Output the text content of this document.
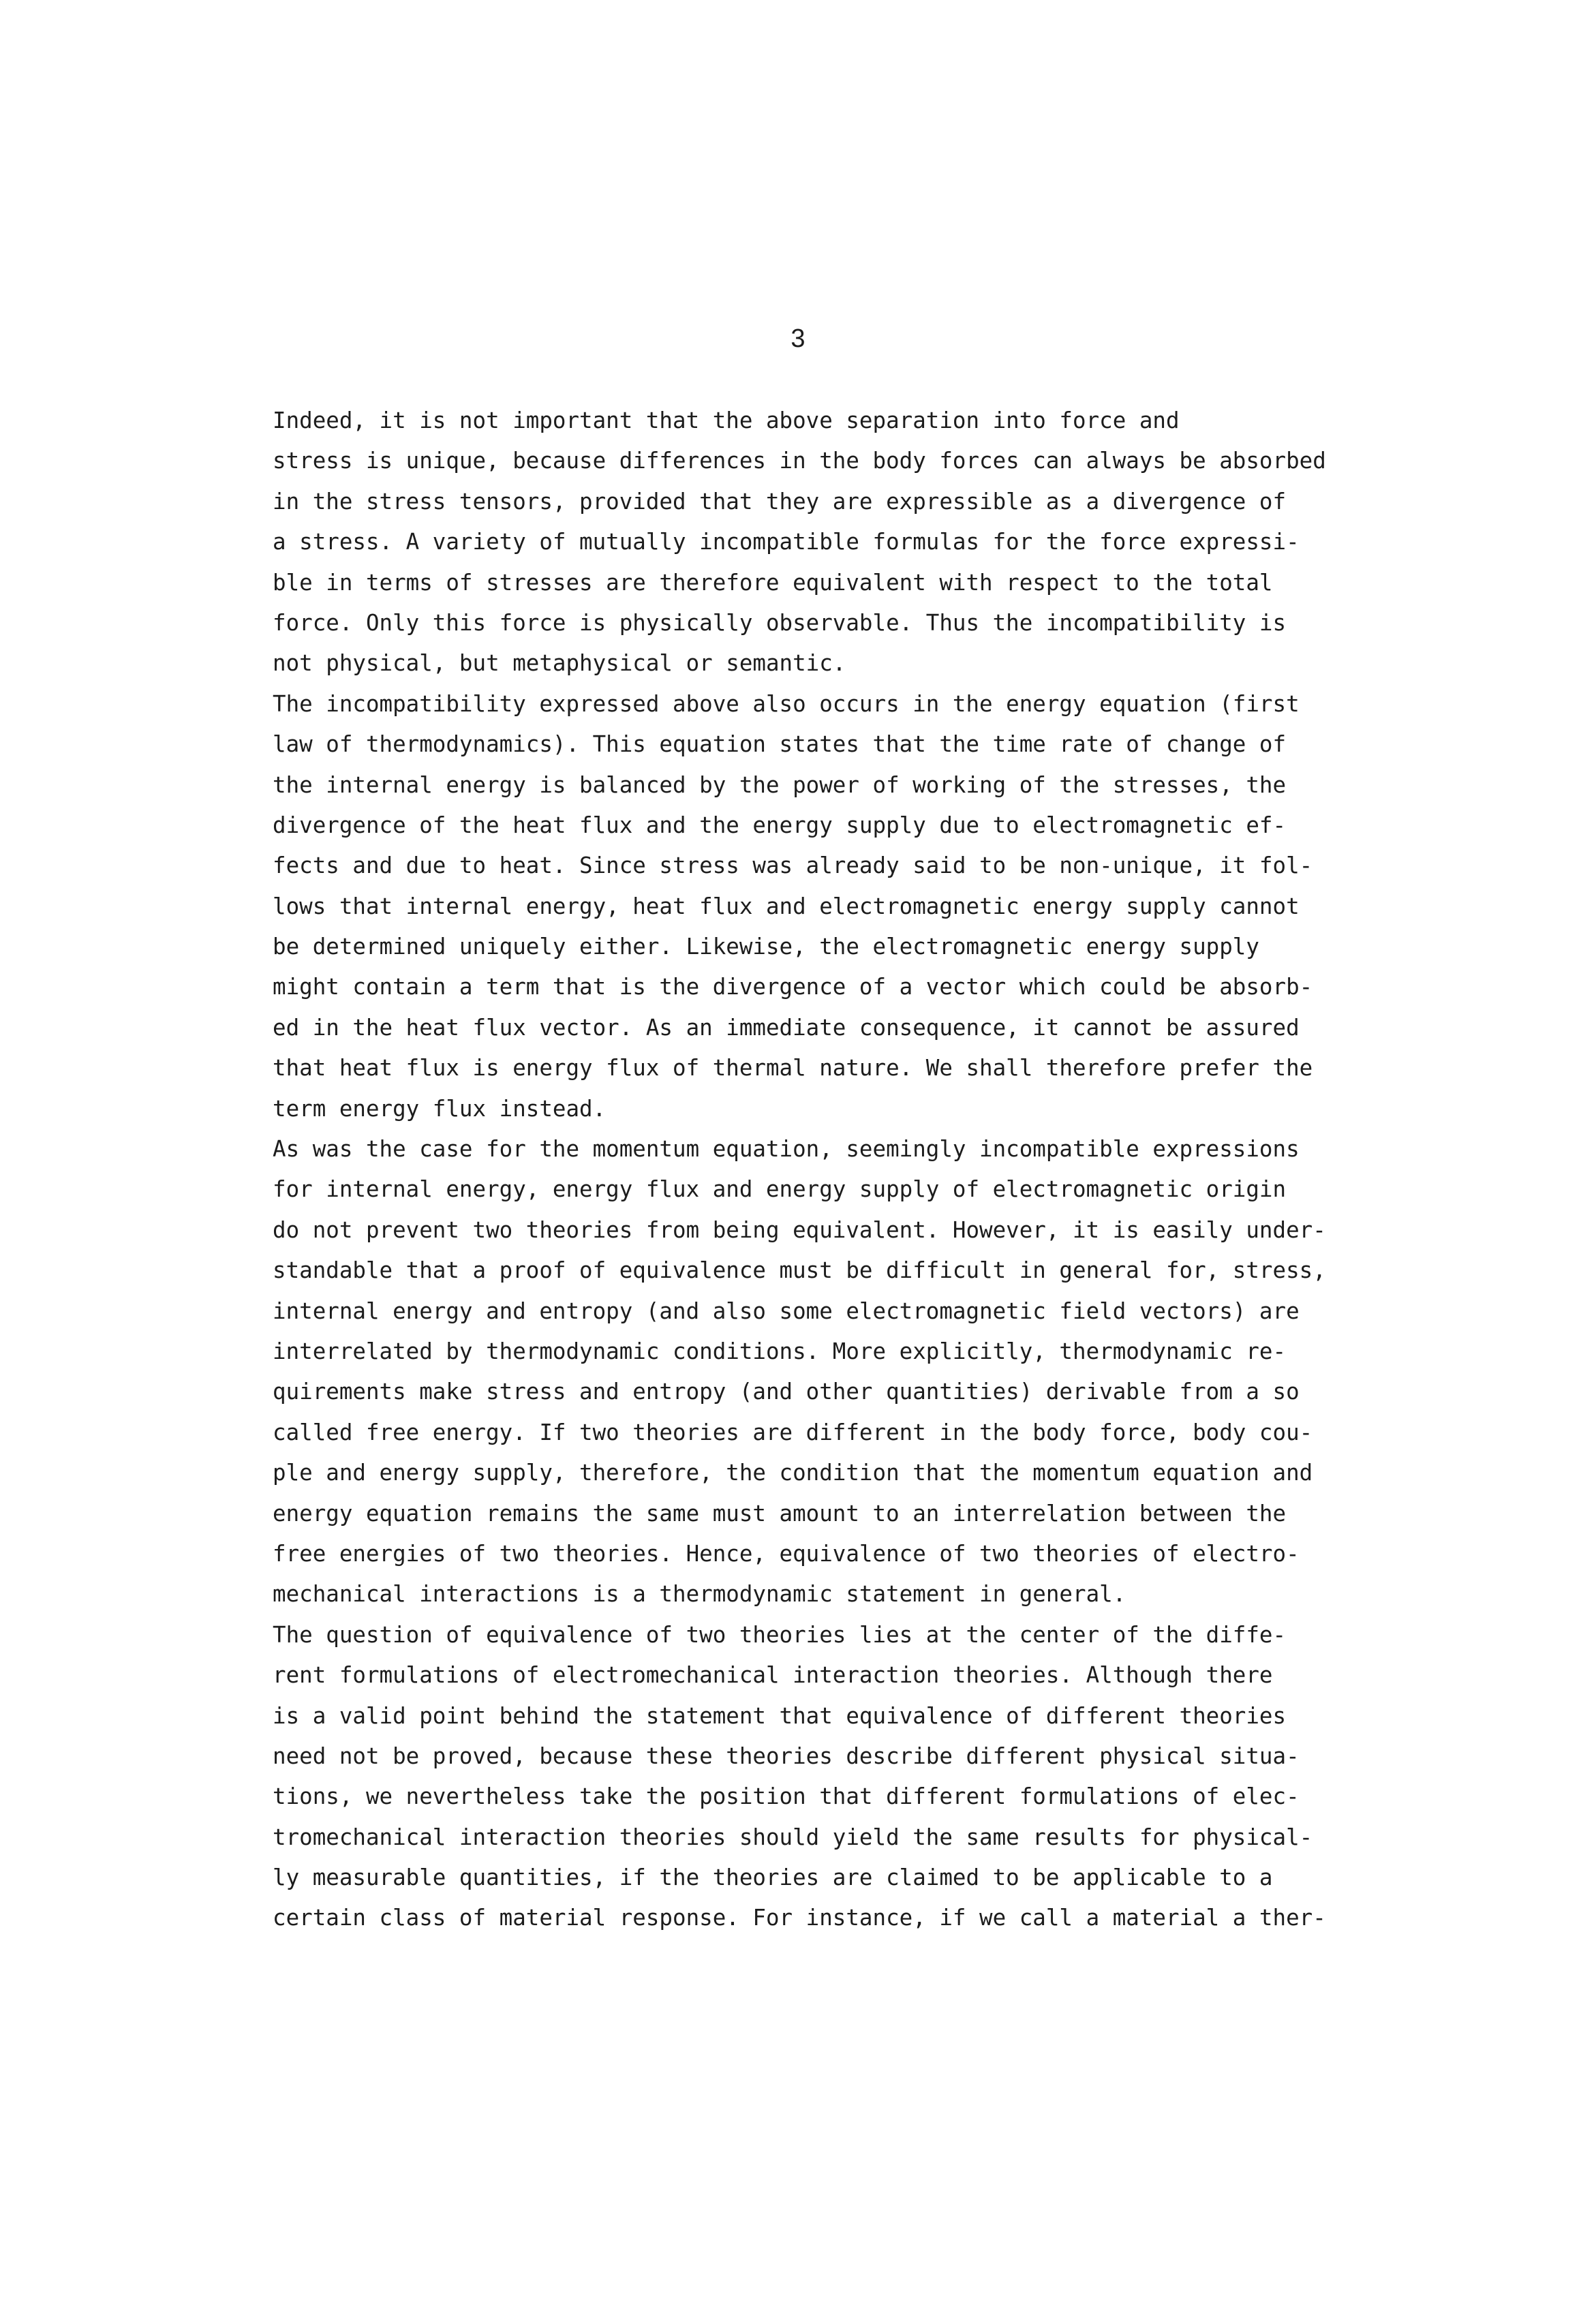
3
Indeed, it is not important that the above separation into force and
stress is unique, because differences in the body forces can always be absorbed
in the stress tensors, provided that they are expressible as a divergence of
a stress. A variety of mutually incompatible formulas for the force expressi-
ble in terms of stresses are therefore equivalent with respect to the total
force. Only this force is physically observable. Thus the incompatibility is
not physical, but metaphysical or semantic.
The incompatibility expressed above also occurs in the energy equation (first
law of thermodynamics). This equation states that the time rate of change of
the internal energy is balanced by the power of working of the stresses, the
divergence of the heat flux and the energy supply due to electromagnetic ef-
fects and due to heat. Since stress was already said to be non-unique, it fol-
lows that internal energy, heat flux and electromagnetic energy supply cannot
be determined uniquely either. Likewise, the electromagnetic energy supply
might contain a term that is the divergence of a vector which could be absorb-
ed in the heat flux vector. As an immediate consequence, it cannot be assured
that heat flux is energy flux of thermal nature. We shall therefore prefer the
term energy flux instead.
As was the case for the momentum equation, seemingly incompatible expressions
for internal energy, energy flux and energy supply of electromagnetic origin
do not prevent two theories from being equivalent. However, it is easily under-
standable that a proof of equivalence must be difficult in general for, stress,
internal energy and entropy (and also some electromagnetic field vectors) are
interrelated by thermodynamic conditions. More explicitly, thermodynamic re-
quirements make stress and entropy (and other quantities) derivable from a so
called free energy. If two theories are different in the body force, body cou-
ple and energy supply, therefore, the condition that the momentum equation and
energy equation remains the same must amount to an interrelation between the
free energies of two theories. Hence, equivalence of two theories of electro-
mechanical interactions is a thermodynamic statement in general.
The question of equivalence of two theories lies at the center of the diffe-
rent formulations of electromechanical interaction theories. Although there
is a valid point behind the statement that equivalence of different theories
need not be proved, because these theories describe different physical situa-
tions, we nevertheless take the position that different formulations of elec-
tromechanical interaction theories should yield the same results for physical-
ly measurable quantities, if the theories are claimed to be applicable to a
certain class of material response. For instance, if we call a material a ther-
